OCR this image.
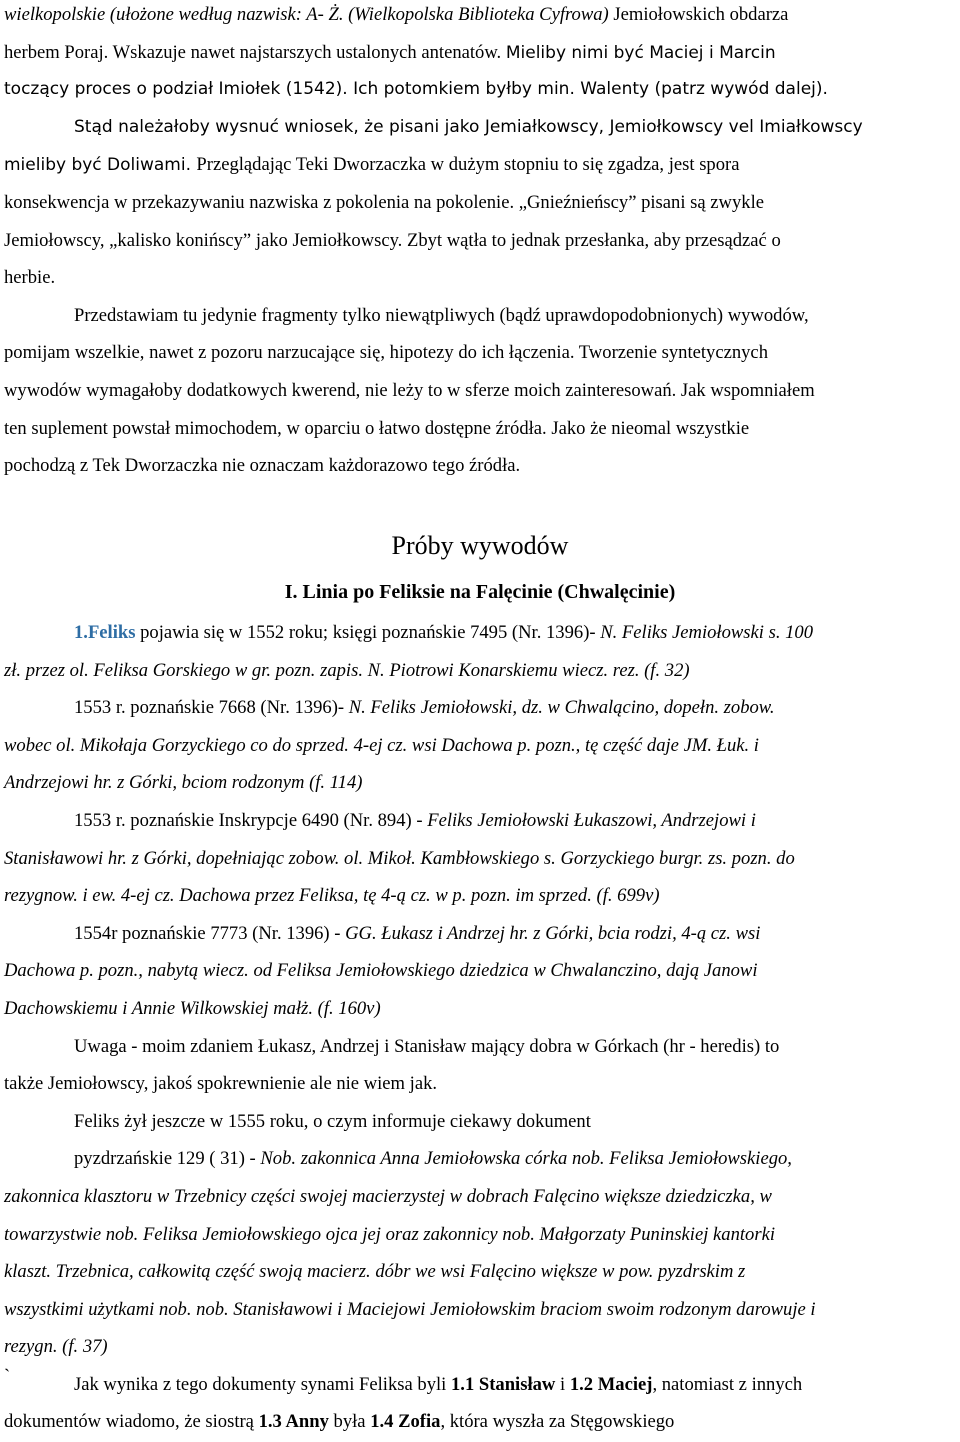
wielkopolskie (ułożone według nazwisk: A- Ż. (Wielkopolska Biblioteka Cyfrowa) Jemiołowskich obdarza
herbem Poraj. Wskazuje nawet najstarszych ustalonych antenatów. Mieliby nimi być Maciej i Marcin
toczący proces o podział Imiołek (1542). Ich potomkiem byłby min. Walenty (patrz wywód dalej).
Stąd należałoby wysnuć wniosek, że pisani jako Jemiałkowscy, Jemiołkowscy vel Imiałkowscy
mieliby być Doliwami. Przeglądając Teki Dworzaczka w dużym stopniu to się zgadza, jest spora
konsekwencja w przekazywaniu nazwiska z pokolenia na pokolenie. „Gnieźnieńscy” pisani są zwykle
Jemiołowscy, „kalisko konińscy” jako Jemiołkowscy. Zbyt wątła to jednak przesłanka, aby przesądzać o
herbie.
Przedstawiam tu jedynie fragmenty tylko niewątpliwych (bądź uprawdopodobnionych) wywodów,
pomijam wszelkie, nawet z pozoru narzucające się, hipotezy do ich łączenia. Tworzenie syntetycznych
wywodów wymagałoby dodatkowych kwerend, nie leży to w sferze moich zainteresowań. Jak wspomniałem
ten suplement powstał mimochodem, w oparciu o łatwo dostępne źródła. Jako że nieomal wszystkie
pochodzą z Tek Dworzaczka nie oznaczam każdorazowo tego źródła.
Próby wywodów
I. Linia po Feliksie na Falęcinie (Chwalęcinie)
1.Feliks pojawia się w 1552 roku; księgi poznańskie 7495 (Nr. 1396)- N. Feliks Jemiołowski s. 100
zł. przez ol. Feliksa Gorskiego w gr. pozn. zapis. N. Piotrowi Konarskiemu wiecz. rez. (f. 32)
1553 r. poznańskie 7668 (Nr. 1396)- N. Feliks Jemiołowski, dz. w Chwalącino, dopełn. zobow.
wobec ol. Mikołaja Gorzyckiego co do sprzed. 4-ej cz. wsi Dachowa p. pozn., tę część daje JM. Łuk. i
Andrzejowi hr. z Górki, bciom rodzonym (f. 114)
1553 r. poznańskie Inskrypcje 6490 (Nr. 894) - Feliks Jemiołowski Łukaszowi, Andrzejowi i
Stanisławowi hr. z Górki, dopełniając zobow. ol. Mikoł. Kambłowskiego s. Gorzyckiego burgr. zs. pozn. do
rezygnow. i ew. 4-ej cz. Dachowa przez Feliksa, tę 4-ą cz. w p. pozn. im sprzed. (f. 699v)
1554r poznańskie 7773 (Nr. 1396) - GG. Łukasz i Andrzej hr. z Górki, bcia rodzi, 4-ą cz. wsi
Dachowa p. pozn., nabytą wiecz. od Feliksa Jemiołowskiego dziedzica w Chwalanczino, dają Janowi
Dachowskiemu i Annie Wilkowskiej małż. (f. 160v)
Uwaga - moim zdaniem Łukasz, Andrzej i Stanisław mający dobra w Górkach (hr - heredis) to
także Jemiołowscy, jakoś spokrewnienie ale nie wiem jak.
Feliks żył jeszcze w 1555 roku, o czym informuje ciekawy dokument
pyzdrzańskie 129 ( 31) - Nob. zakonnica Anna Jemiołowska córka nob. Feliksa Jemiołowskiego,
zakonnica klasztoru w Trzebnicy części swojej macierzystej w dobrach Falęcino większe dziedziczka, w
towarzystwie nob. Feliksa Jemiołowskiego ojca jej oraz zakonnicy nob. Małgorzaty Puninskiej kantorki
klaszt. Trzebnica, całkowitą część swoją macierz. dóbr we wsi Falęcino większe w pow. pyzdrskim z
wszystkimi użytkami nob. nob. Stanisławowi i Maciejowi Jemiołowskim braciom swoim rodzonym darowuje i
rezygn. (f. 37)
`	Jak wynika z tego dokumenty synami Feliksa byli 1.1 Stanisław i 1.2 Maciej, natomiast z innych
dokumentów wiadomo, że siostrą 1.3 Anny była 1.4 Zofia, która wyszła za Stęgowskiego
